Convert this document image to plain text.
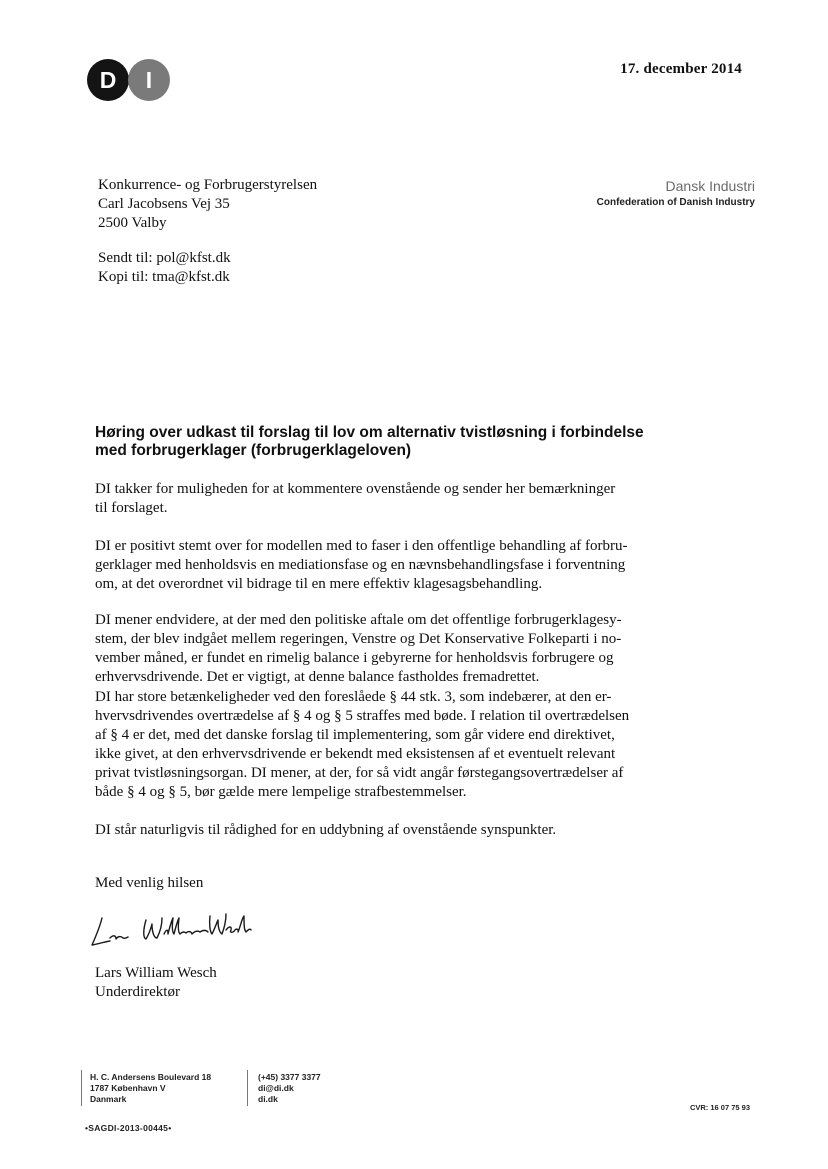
D I	17. december 2014
Konkurrence- og Forbrugerstyrelsen
Carl Jacobsens Vej 35
2500 Valby
Dansk Industri
Confederation of Danish Industry
Sendt til: pol@kfst.dk
Kopi til: tma@kfst.dk
Høring over udkast til forslag til lov om alternativ tvistløsning i forbindelse
med forbrugerklager (forbrugerklageloven)
DI takker for muligheden for at kommentere ovenstående og sender her bemærkninger
til forslaget.
DI er positivt stemt over for modellen med to faser i den offentlige behandling af forbru-
gerklager med henholdsvis en mediationsfase og en nævnsbehandlingsfase i forventning
om, at det overordnet vil bidrage til en mere effektiv klagesagsbehandling.
DI mener endvidere, at der med den politiske aftale om det offentlige forbrugerklagesy-
stem, der blev indgået mellem regeringen, Venstre og Det Konservative Folkeparti i no-
vember måned, er fundet en rimelig balance i gebyrerne for henholdsvis forbrugere og
erhvervsdrivende. Det er vigtigt, at denne balance fastholdes fremadrettet.
DI har store betænkeligheder ved den foreslåede § 44 stk. 3, som indebærer, at den er-
hvervsdrivendes overtrædelse af § 4 og § 5 straffes med bøde. I relation til overtrædelsen
af § 4 er det, med det danske forslag til implementering, som går videre end direktivet,
ikke givet, at den erhvervsdrivende er bekendt med eksistensen af et eventuelt relevant
privat tvistløsningsorgan. DI mener, at der, for så vidt angår førstegangsovertrædelser af
både § 4 og § 5, bør gælde mere lempelige strafbestemmelser.
DI står naturligvis til rådighed for en uddybning af ovenstående synspunkter.
Med venlig hilsen
Lars William Wesch
Underdirektør
H. C. Andersens Boulevard 18
1787 København V
Danmark
(+45) 3377 3377
di@di.dk
di.dk
CVR: 16 07 75 93
•SAGDI-2013-00445•
